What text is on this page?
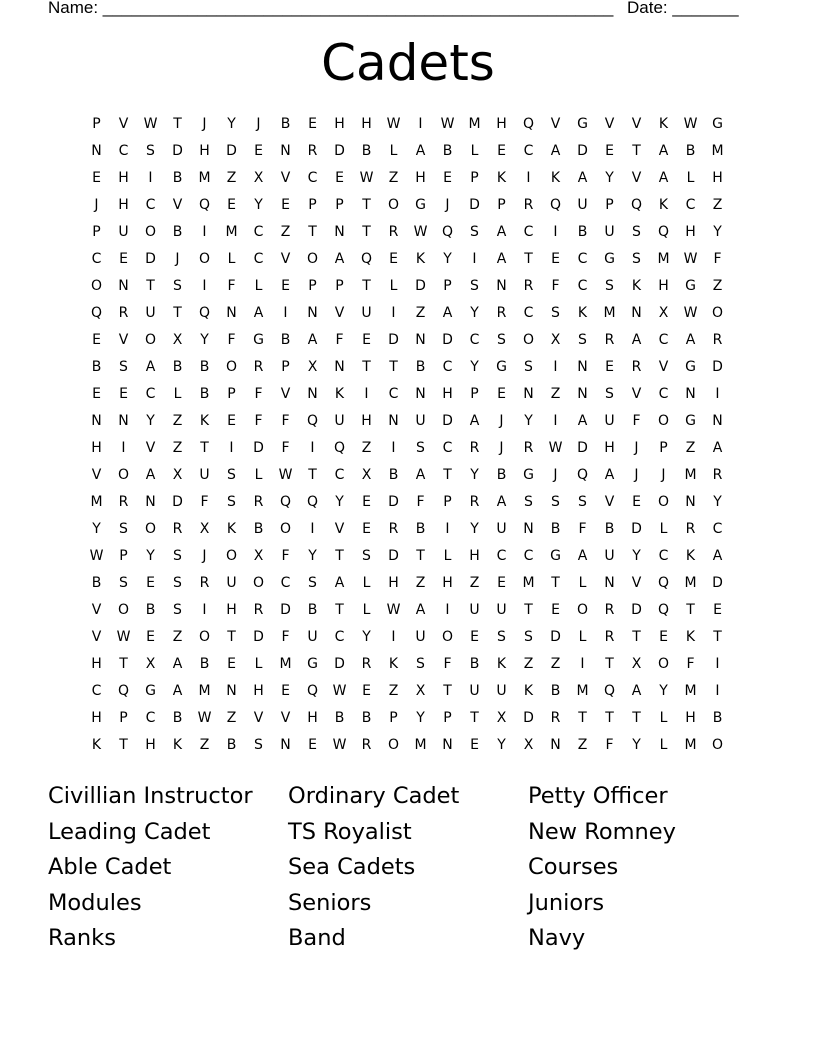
Name: ______________________________________________________ Date: _______
Cadets
P	V	W	T	J	Y	J	B	E	H	H	W	I	W	M	H	Q	V	G	V	V	K	W	G
N	C	S	D	H	D	E	N	R	D	B	L	A	B	L	E	C	A	D	E	T	A	B	M
E	H	I	B	M	Z	X	V	C	E	W	Z	H	E	P	K	I	K	A	Y	V	A	L	H
J	H	C	V	Q	E	Y	E	P	P	T	O	G	J	D	P	R	Q	U	P	Q	K	C	Z
P	U	O	B	I	M	C	Z	T	N	T	R	W	Q	S	A	C	I	B	U	S	Q	H	Y
C	E	D	J	O	L	C	V	O	A	Q	E	K	Y	I	A	T	E	C	G	S	M	W	F
O	N	T	S	I	F	L	E	P	P	T	L	D	P	S	N	R	F	C	S	K	H	G	Z
Q	R	U	T	Q	N	A	I	N	V	U	I	Z	A	Y	R	C	S	K	M	N	X	W	O
E	V	O	X	Y	F	G	B	A	F	E	D	N	D	C	S	O	X	S	R	A	C	A	R
B	S	A	B	B	O	R	P	X	N	T	T	B	C	Y	G	S	I	N	E	R	V	G	D
E	E	C	L	B	P	F	V	N	K	I	C	N	H	P	E	N	Z	N	S	V	C	N	I
N	N	Y	Z	K	E	F	F	Q	U	H	N	U	D	A	J	Y	I	A	U	F	O	G	N
H	I	V	Z	T	I	D	F	I	Q	Z	I	S	C	R	J	R	W	D	H	J	P	Z	A
V	O	A	X	U	S	L	W	T	C	X	B	A	T	Y	B	G	J	Q	A	J	J	M	R
M	R	N	D	F	S	R	Q	Q	Y	E	D	F	P	R	A	S	S	S	V	E	O	N	Y
Y	S	O	R	X	K	B	O	I	V	E	R	B	I	Y	U	N	B	F	B	D	L	R	C
W	P	Y	S	J	O	X	F	Y	T	S	D	T	L	H	C	C	G	A	U	Y	C	K	A
B	S	E	S	R	U	O	C	S	A	L	H	Z	H	Z	E	M	T	L	N	V	Q	M	D
V	O	B	S	I	H	R	D	B	T	L	W	A	I	U	U	T	E	O	R	D	Q	T	E
V	W	E	Z	O	T	D	F	U	C	Y	I	U	O	E	S	S	D	L	R	T	E	K	T
H	T	X	A	B	E	L	M	G	D	R	K	S	F	B	K	Z	Z	I	T	X	O	F	I
C	Q	G	A	M	N	H	E	Q	W	E	Z	X	T	U	U	K	B	M	Q	A	Y	M	I
H	P	C	B	W	Z	V	V	H	B	B	P	Y	P	T	X	D	R	T	T	T	L	H	B
K	T	H	K	Z	B	S	N	E	W	R	O	M	N	E	Y	X	N	Z	F	Y	L	M	O
Civillian Instructor	Ordinary Cadet	Petty Officer
Leading Cadet	TS Royalist	New Romney
Able Cadet	Sea Cadets	Courses
Modules	Seniors	Juniors
Ranks	Band	Navy
